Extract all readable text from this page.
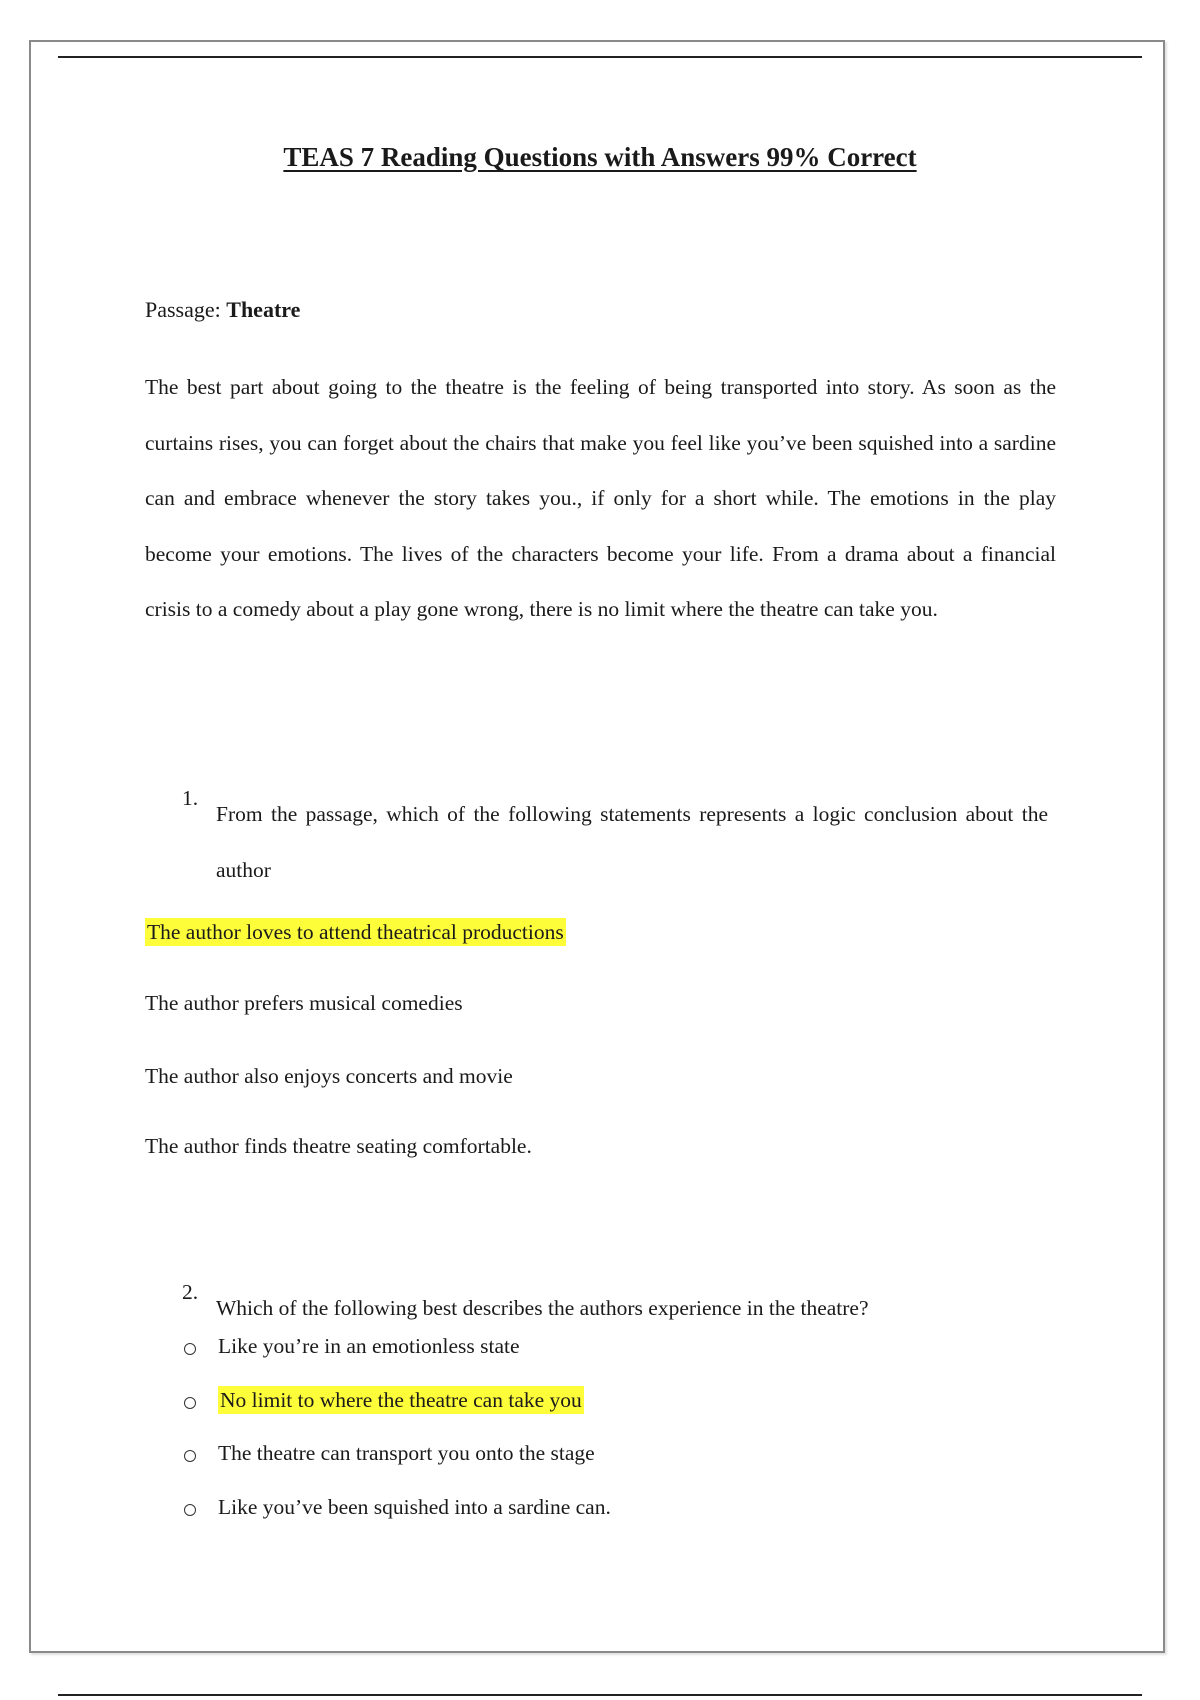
TEAS 7 Reading Questions with Answers 99% Correct
Passage: Theatre

The best part about going to the theatre is the feeling of being transported into story. As soon as the curtains rises, you can forget about the chairs that make you feel like you’ve been squished into a sardine can and embrace whenever the story takes you., if only for a short while. The emotions in the play become your emotions. The lives of the characters become your life. From a drama about a financial crisis to a comedy about a play gone wrong, there is no limit where the theatre can take you.

1.

From the passage, which of the following statements represents a logic conclusion about the author

The author loves to attend theatrical productions
The author prefers musical comedies
The author also enjoys concerts and movie
The author finds theatre seating comfortable.
2.

Which of the following best describes the authors experience in the theatre?

Like you’re in an emotionless state
No limit to where the theatre can take you
The theatre can transport you onto the stage
Like you’ve been squished into a sardine can.
